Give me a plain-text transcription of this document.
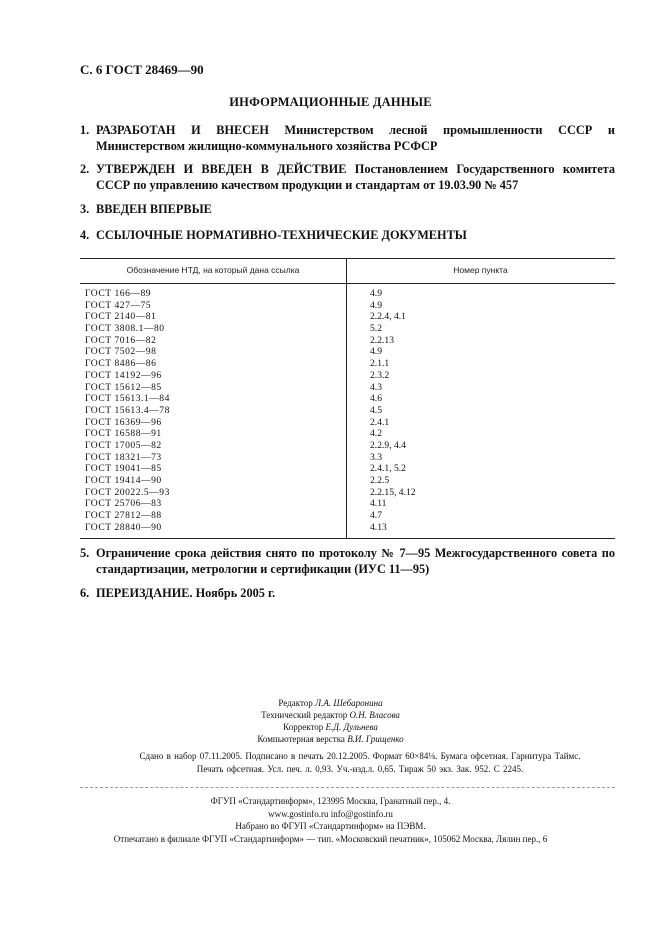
С. 6 ГОСТ 28469—90
ИНФОРМАЦИОННЫЕ ДАННЫЕ
1. РАЗРАБОТАН И ВНЕСЕН Министерством лесной промышленности СССР и Министерством жилищно-коммунального хозяйства РСФСР
2. УТВЕРЖДЕН И ВВЕДЕН В ДЕЙСТВИЕ Постановлением Государственного комитета СССР по управлению качеством продукции и стандартам от 19.03.90 № 457
3. ВВЕДЕН ВПЕРВЫЕ
4. ССЫЛОЧНЫЕ НОРМАТИВНО-ТЕХНИЧЕСКИЕ ДОКУМЕНТЫ
Обозначение НТД, на который дана ссылка	Номер пункта
ГОСТ 166—89	4.9
ГОСТ 427—75	4.9
ГОСТ 2140—81	2.2.4, 4.1
ГОСТ 3808.1—80	5.2
ГОСТ 7016—82	2.2.13
ГОСТ 7502—98	4.9
ГОСТ 8486—86	2.1.1
ГОСТ 14192—96	2.3.2
ГОСТ 15612—85	4.3
ГОСТ 15613.1—84	4.6
ГОСТ 15613.4—78	4.5
ГОСТ 16369—96	2.4.1
ГОСТ 16588—91	4.2
ГОСТ 17005—82	2.2.9, 4.4
ГОСТ 18321—73	3.3
ГОСТ 19041—85	2.4.1, 5.2
ГОСТ 19414—90	2.2.5
ГОСТ 20022.5—93	2.2.15, 4.12
ГОСТ 25706—83	4.11
ГОСТ 27812—88	4.7
ГОСТ 28840—90	4.13
5. Ограничение срока действия снято по протоколу № 7—95 Межгосударственного совета по стандартизации, метрологии и сертификации (ИУС 11—95)
6. ПЕРЕИЗДАНИЕ. Ноябрь 2005 г.
Редактор Л.А. Шебаронина
Технический редактор О.Н. Власова
Корректор Е.Д. Дульнева
Компьютерная верстка В.И. Грищенко
Сдано в набор 07.11.2005. Подписано в печать 20.12.2005. Формат 60×84⅛. Бумага офсетная. Гарнитура Таймс.
Печать офсетная. Усл. печ. л. 0,93. Уч.-изд.л. 0,65. Тираж 50 экз. Зак. 952. С 2245.
ФГУП «Стандартинформ», 123995 Москва, Гранатный пер., 4.
www.gostinfo.ru info@gostinfo.ru
Набрано во ФГУП «Стандартинформ» на ПЭВМ.
Отпечатано в филиале ФГУП «Стандартинформ» — тип. «Московский печатник», 105062 Москва, Лялин пер., 6
